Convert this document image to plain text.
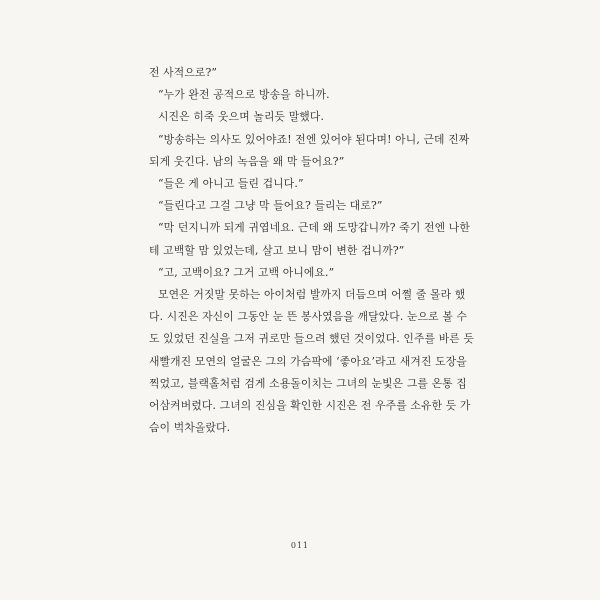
전 사적으로?”
“누가 완전 공적으로 방송을 하니까.
시진은 히죽 웃으며 놀리듯 말했다.
“방송하는 의사도 있어야죠! 전엔 있어야 된다며! 아니, 근데 진짜
되게 웃긴다. 남의 녹음을 왜 막 들어요?”
“들은 게 아니고 들린 겁니다.”
“들린다고 그걸 그냥 막 들어요? 들리는 대로?”
“막 던지니까 되게 귀엽네요. 근데 왜 도망갑니까? 죽기 전엔 나한
테 고백할 맘 있었는데, 살고 보니 맘이 변한 겁니까?”
“고, 고백이요? 그거 고백 아니에요.”
모연은 거짓말 못하는 아이처럼 발까지 더듬으며 어쩔 줄 몰라 했
다. 시진은 자신이 그동안 눈 뜬 봉사였음을 깨달았다. 눈으로 볼 수
도 있었던 진실을 그저 귀로만 들으려 했던 것이었다. 인주를 바른 듯
새빨개진 모연의 얼굴은 그의 가슴팍에 ‘좋아요’라고 새겨진 도장을
찍었고, 블랙홀처럼 검게 소용돌이치는 그녀의 눈빛은 그를 온통 집
어삼켜버렸다. 그녀의 진심을 확인한 시진은 전 우주를 소유한 듯 가
슴이 벅차올랐다.
011
